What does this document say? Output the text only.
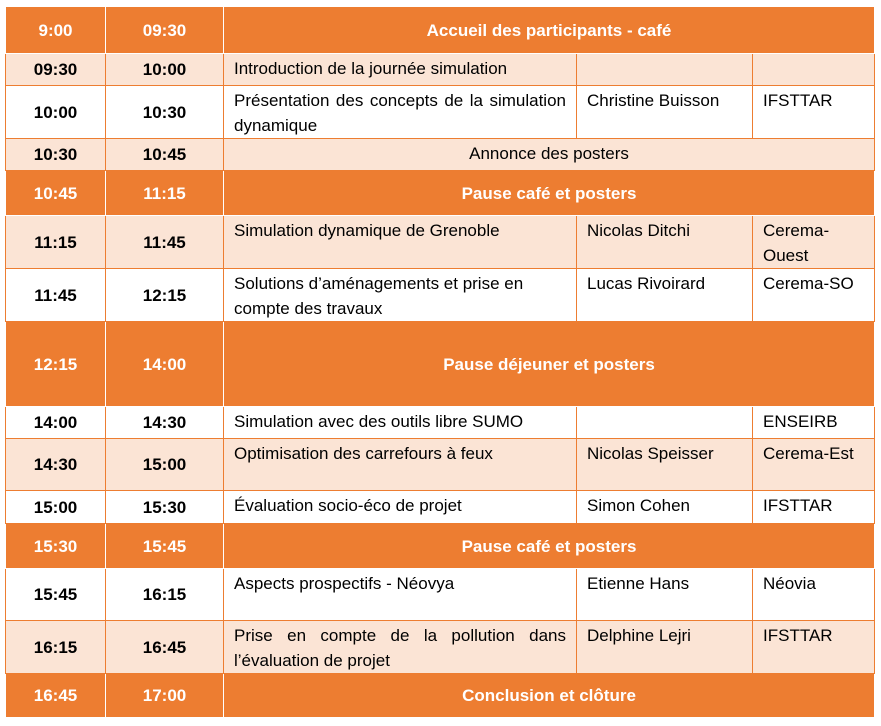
9:00	09:30	Accueil des participants - café		
09:30	10:00	Introduction de la journée simulation		
10:00	10:30	Présentation des concepts de la simulation dynamique	Christine Buisson	IFSTTAR
10:30	10:45	Annonce des posters		
10:45	11:15	Pause café et posters		
11:15	11:45	Simulation dynamique de Grenoble	Nicolas Ditchi	Cerema-Ouest
11:45	12:15	Solutions d’aménagements et prise en compte des travaux	Lucas Rivoirard	Cerema-SO
12:15	14:00	Pause déjeuner et posters		
14:00	14:30	Simulation avec des outils libre SUMO		ENSEIRB
14:30	15:00	Optimisation des carrefours à feux	Nicolas Speisser	Cerema-Est
15:00	15:30	Évaluation socio-éco de projet	Simon Cohen	IFSTTAR
15:30	15:45	Pause café et posters		
15:45	16:15	Aspects prospectifs - Néovya	Etienne Hans	Néovia
16:15	16:45	Prise en compte de la pollution dans l’évaluation de projet	Delphine Lejri	IFSTTAR
16:45	17:00	Conclusion et clôture		
